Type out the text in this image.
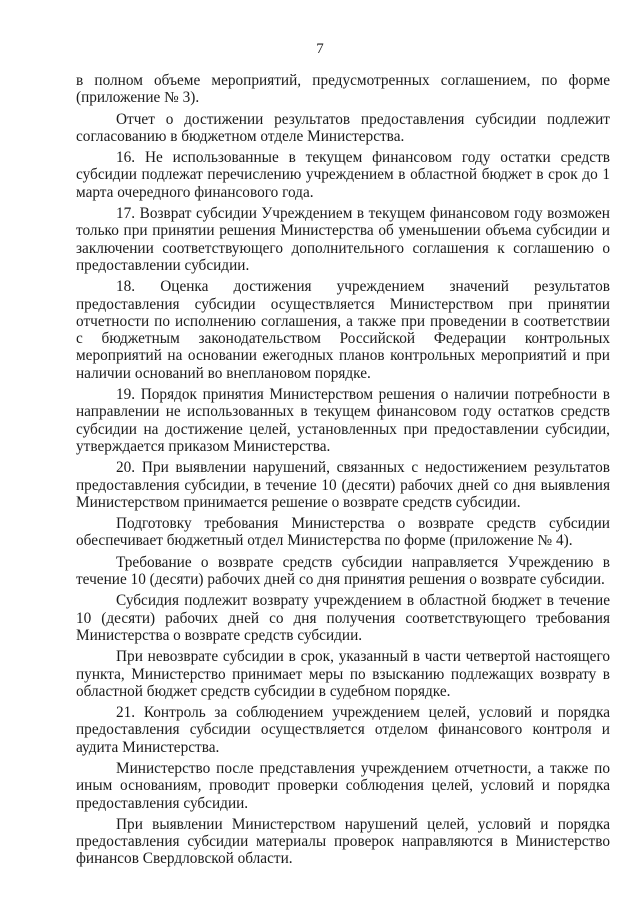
7

в полном объеме мероприятий, предусмотренных соглашением, по форме (приложение № 3).

Отчет о достижении результатов предоставления субсидии подлежит согласованию в бюджетном отделе Министерства.

16. Не использованные в текущем финансовом году остатки средств субсидии подлежат перечислению учреждением в областной бюджет в срок до 1 марта очередного финансового года.

17. Возврат субсидии Учреждением в текущем финансовом году возможен только при принятии решения Министерства об уменьшении объема субсидии и заключении соответствующего дополнительного соглашения к соглашению о предоставлении субсидии.

18. Оценка достижения учреждением значений результатов предоставления субсидии осуществляется Министерством при принятии отчетности по исполнению соглашения, а также при проведении в соответствии с бюджетным законодательством Российской Федерации контрольных мероприятий на основании ежегодных планов контрольных мероприятий и при наличии оснований во внеплановом порядке.

19. Порядок принятия Министерством решения о наличии потребности в направлении не использованных в текущем финансовом году остатков средств субсидии на достижение целей, установленных при предоставлении субсидии, утверждается приказом Министерства.

20. При выявлении нарушений, связанных с недостижением результатов предоставления субсидии, в течение 10 (десяти) рабочих дней со дня выявления Министерством принимается решение о возврате средств субсидии.

Подготовку требования Министерства о возврате средств субсидии обеспечивает бюджетный отдел Министерства по форме (приложение № 4).

Требование о возврате средств субсидии направляется Учреждению в течение 10 (десяти) рабочих дней со дня принятия решения о возврате субсидии.

Субсидия подлежит возврату учреждением в областной бюджет в течение 10 (десяти) рабочих дней со дня получения соответствующего требования Министерства о возврате средств субсидии.

При невозврате субсидии в срок, указанный в части четвертой настоящего пункта, Министерство принимает меры по взысканию подлежащих возврату в областной бюджет средств субсидии в судебном порядке.

21. Контроль за соблюдением учреждением целей, условий и порядка предоставления субсидии осуществляется отделом финансового контроля и аудита Министерства.

Министерство после представления учреждением отчетности, а также по иным основаниям, проводит проверки соблюдения целей, условий и порядка предоставления субсидии.

При выявлении Министерством нарушений целей, условий и порядка предоставления субсидии материалы проверок направляются в Министерство финансов Свердловской области.
